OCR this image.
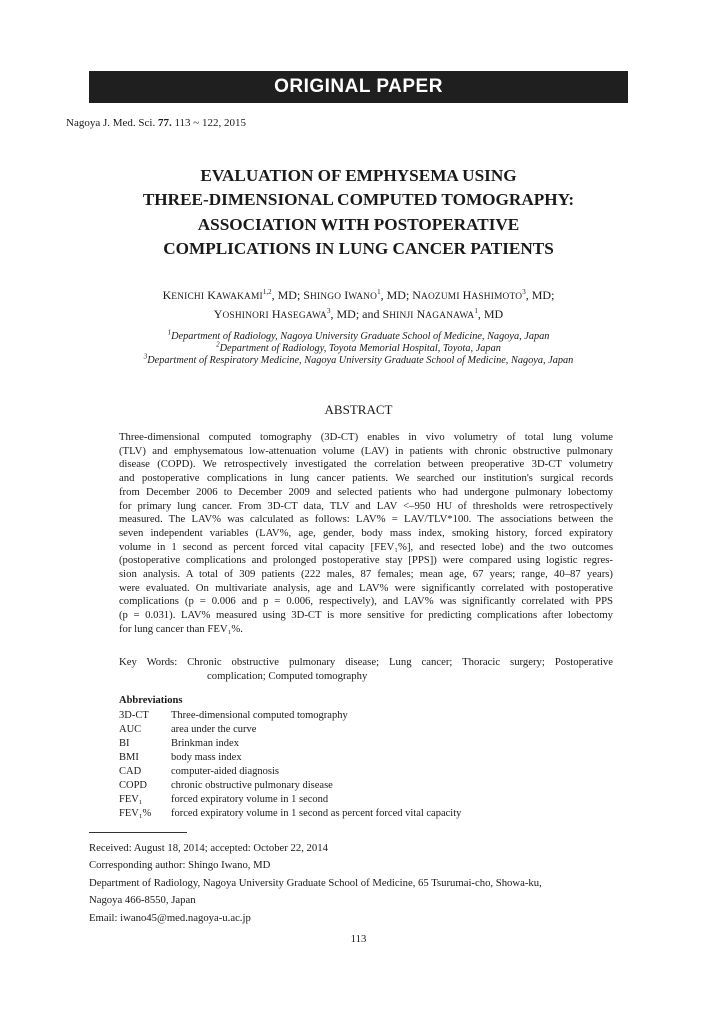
ORIGINAL PAPER
Nagoya J. Med. Sci. 77. 113 ~ 122, 2015
EVALUATION OF EMPHYSEMA USING
THREE-DIMENSIONAL COMPUTED TOMOGRAPHY:
ASSOCIATION WITH POSTOPERATIVE
COMPLICATIONS IN LUNG CANCER PATIENTS
KENICHI KAWAKAMI$^{1,2}$, MD; SHINGO IWANO$^1$, MD; NAOZUMI HASHIMOTO$^3$, MD;
YOSHINORI HASEGAWA$^3$, MD; and SHINJI NAGANAWA$^1$, MD
$^1$Department of Radiology, Nagoya University Graduate School of Medicine, Nagoya, Japan
$^2$Department of Radiology, Toyota Memorial Hospital, Toyota, Japan
$^3$Department of Respiratory Medicine, Nagoya University Graduate School of Medicine, Nagoya, Japan
ABSTRACT
Three-dimensional computed tomography (3D-CT) enables in vivo volumetry of total lung volume
(TLV) and emphysematous low-attenuation volume (LAV) in patients with chronic obstructive pulmonary
disease (COPD). We retrospectively investigated the correlation between preoperative 3D-CT volumetry
and postoperative complications in lung cancer patients. We searched our institution's surgical records
from December 2006 to December 2009 and selected patients who had undergone pulmonary lobectomy
for primary lung cancer. From 3D-CT data, TLV and LAV <–950 HU of thresholds were retrospectively
measured. The LAV% was calculated as follows: LAV% = LAV/TLV*100. The associations between the
seven independent variables (LAV%, age, gender, body mass index, smoking history, forced expiratory
volume in 1 second as percent forced vital capacity [FEV₁%], and resected lobe) and the two outcomes
(postoperative complications and prolonged postoperative stay [PPS]) were compared using logistic regres-
sion analysis. A total of 309 patients (222 males, 87 females; mean age, 67 years; range, 40–87 years)
were evaluated. On multivariate analysis, age and LAV% were significantly correlated with postoperative
complications (p = 0.006 and p = 0.006, respectively), and LAV% was significantly correlated with PPS
(p = 0.031). LAV% measured using 3D-CT is more sensitive for predicting complications after lobectomy
for lung cancer than FEV₁%.
Key Words: Chronic obstructive pulmonary disease; Lung cancer; Thoracic surgery; Postoperative
complication; Computed tomography
Abbreviations
3D-CT	Three-dimensional computed tomography
AUC	area under the curve
BI	Brinkman index
BMI	body mass index
CAD	computer-aided diagnosis
COPD	chronic obstructive pulmonary disease
FEV₁	forced expiratory volume in 1 second
FEV₁%	forced expiratory volume in 1 second as percent forced vital capacity
Received: August 18, 2014; accepted: October 22, 2014
Corresponding author: Shingo Iwano, MD
Department of Radiology, Nagoya University Graduate School of Medicine, 65 Tsurumai-cho, Showa-ku,
Nagoya 466-8550, Japan
Email: iwano45@med.nagoya-u.ac.jp
113
